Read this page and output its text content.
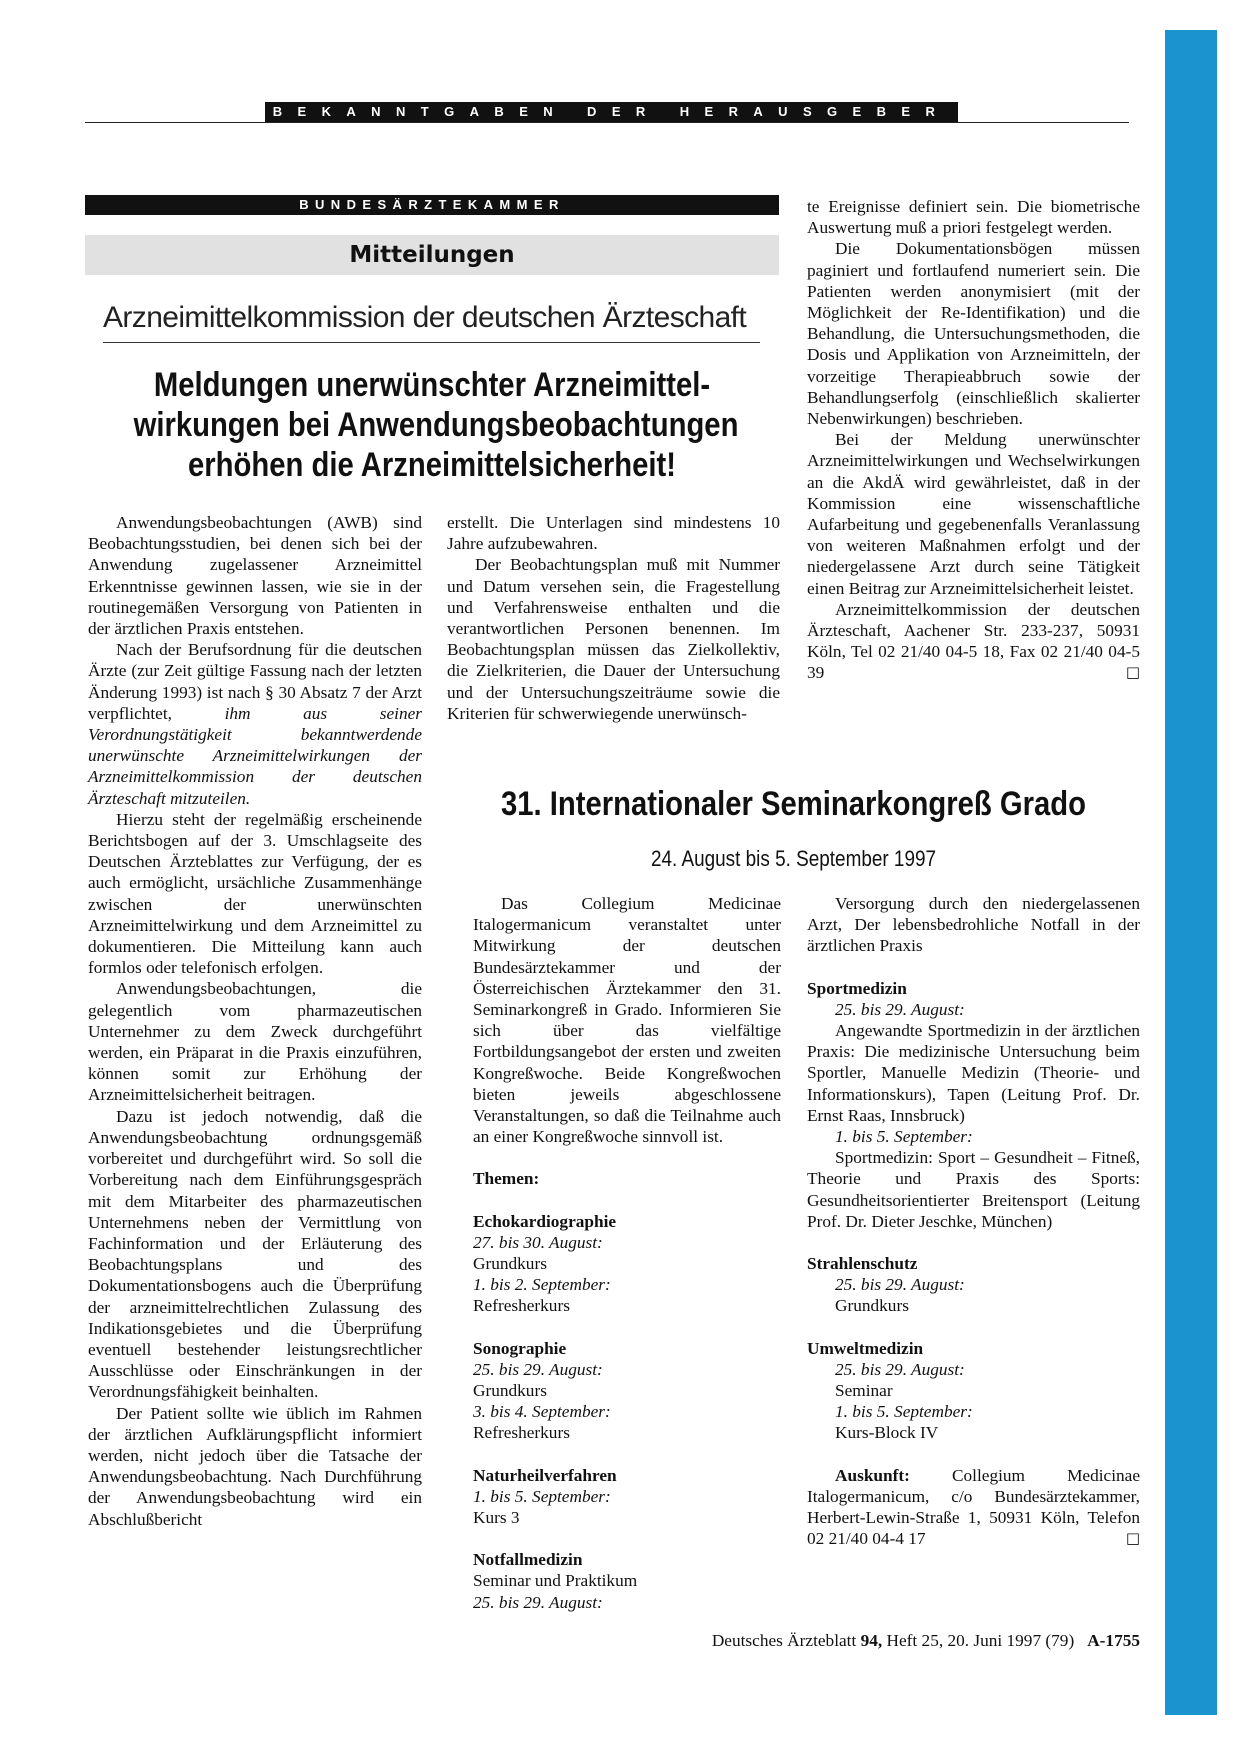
BEKANNTGABEN DER HERAUSGEBER
BUNDESÄRZTEKAMMER
Mitteilungen
Arzneimittelkommission der deutschen Ärzteschaft
Meldungen unerwünschter Arzneimittel-
wirkungen bei Anwendungsbeobachtungen
erhöhen die Arzneimittelsicherheit!

Anwendungsbeobachtungen (AWB) sind Beobachtungsstudien, bei denen sich bei der Anwendung zugelassener Arzneimittel Erkenntnisse gewinnen lassen, wie sie in der routinegemäßen Versorgung von Patienten in der ärztlichen Praxis entstehen.

Nach der Berufsordnung für die deutschen Ärzte (zur Zeit gültige Fassung nach der letzten Änderung 1993) ist nach § 30 Absatz 7 der Arzt verpflichtet, ihm aus seiner Verordnungstätigkeit bekanntwerdende unerwünschte Arzneimittelwirkungen der Arzneimittelkommission der deutschen Ärzteschaft mitzuteilen.

Hierzu steht der regelmäßig erscheinende Berichtsbogen auf der 3. Umschlagseite des Deutschen Ärzteblattes zur Verfügung, der es auch ermöglicht, ursächliche Zusammenhänge zwischen der unerwünschten Arzneimittelwirkung und dem Arzneimittel zu dokumentieren. Die Mitteilung kann auch formlos oder telefonisch erfolgen.

Anwendungsbeobachtungen, die gelegentlich vom pharmazeutischen Unternehmer zu dem Zweck durchgeführt werden, ein Präparat in die Praxis einzuführen, können somit zur Erhöhung der Arzneimittelsicherheit beitragen.

Dazu ist jedoch notwendig, daß die Anwendungsbeobachtung ordnungsgemäß vorbereitet und durchgeführt wird. So soll die Vorbereitung nach dem Einführungsgespräch mit dem Mitarbeiter des pharmazeutischen Unternehmens neben der Vermittlung von Fachinformation und der Erläuterung des Beobachtungsplans und des Dokumentationsbogens auch die Überprüfung der arzneimittelrechtlichen Zulassung des Indikationsgebietes und die Überprüfung eventuell bestehender leistungsrechtlicher Ausschlüsse oder Einschränkungen in der Verordnungsfähigkeit beinhalten.

Der Patient sollte wie üblich im Rahmen der ärztlichen Aufklärungspflicht informiert werden, nicht jedoch über die Tatsache der Anwendungsbeobachtung. Nach Durchführung der Anwendungsbeobachtung wird ein Abschlußbericht

erstellt. Die Unterlagen sind mindestens 10 Jahre aufzubewahren.

Der Beobachtungsplan muß mit Nummer und Datum versehen sein, die Fragestellung und Verfahrensweise enthalten und die verantwortlichen Personen benennen. Im Beobachtungsplan müssen das Zielkollektiv, die Zielkriterien, die Dauer der Untersuchung und der Untersuchungszeiträume sowie die Kriterien für schwerwiegende unerwünsch-

te Ereignisse definiert sein. Die biometrische Auswertung muß a priori festgelegt werden.

Die Dokumentationsbögen müssen paginiert und fortlaufend numeriert sein. Die Patienten werden anonymisiert (mit der Möglichkeit der Re-Identifikation) und die Behandlung, die Untersuchungsmethoden, die Dosis und Applikation von Arzneimitteln, der vorzeitige Therapieabbruch sowie der Behandlungserfolg (einschließlich skalierter Nebenwirkungen) beschrieben.

Bei der Meldung unerwünschter Arzneimittelwirkungen und Wechselwirkungen an die AkdÄ wird gewährleistet, daß in der Kommission eine wissenschaftliche Aufarbeitung und gegebenenfalls Veranlassung von weiteren Maßnahmen erfolgt und der niedergelassene Arzt durch seine Tätigkeit einen Beitrag zur Arzneimittelsicherheit leistet.

Arzneimittelkommission der deutschen Ärzteschaft, Aachener Str. 233-237, 50931 Köln, Tel 02 21/40 04-5 18, Fax 02 21/40 04-5 39	□

31. Internationaler Seminarkongreß Grado
24. August bis 5. September 1997

Das Collegium Medicinae Italogermanicum veranstaltet unter Mitwirkung der deutschen Bundesärztekammer und der Österreichischen Ärztekammer den 31. Seminarkongreß in Grado. Informieren Sie sich über das vielfältige Fortbildungsangebot der ersten und zweiten Kongreßwoche. Beide Kongreßwochen bieten jeweils abgeschlossene Veranstaltungen, so daß die Teilnahme auch an einer Kongreßwoche sinnvoll ist.

Themen:
Echokardiographie
27. bis 30. August:
Grundkurs
1. bis 2. September:
Refresherkurs
Sonographie
25. bis 29. August:
Grundkurs
3. bis 4. September:
Refresherkurs
Naturheilverfahren
1. bis 5. September:
Kurs 3
Notfallmedizin
Seminar und Praktikum
25. bis 29. August:

Versorgung durch den niedergelassenen Arzt, Der lebensbedrohliche Notfall in der ärztlichen Praxis

Sportmedizin
25. bis 29. August:

Angewandte Sportmedizin in der ärztlichen Praxis: Die medizinische Untersuchung beim Sportler, Manuelle Medizin (Theorie- und Informationskurs), Tapen (Leitung Prof. Dr. Ernst Raas, Innsbruck)

1. bis 5. September:

Sportmedizin: Sport – Gesundheit – Fitneß, Theorie und Praxis des Sports: Gesundheitsorientierter Breitensport (Leitung Prof. Dr. Dieter Jeschke, München)

Strahlenschutz
25. bis 29. August:
Grundkurs
Umweltmedizin
25. bis 29. August:
Seminar
1. bis 5. September:
Kurs-Block IV

Auskunft: Collegium Medicinae Italogermanicum, c/o Bundesärztekammer, Herbert-Lewin-Straße 1, 50931 Köln, Telefon 02 21/40 04-4 17	□

Deutsches Ärzteblatt 94, Heft 25, 20. Juni 1997 (79) A-1755
